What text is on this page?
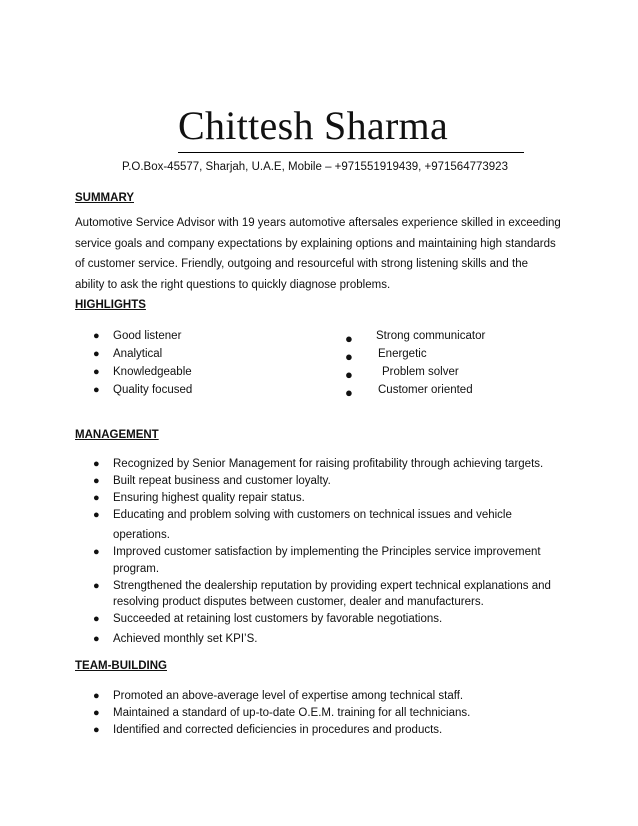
Chittesh Sharma
P.O.Box-45577, Sharjah, U.A.E, Mobile – +971551919439, +971564773923
SUMMARY
Automotive Service Advisor with 19 years automotive aftersales experience skilled in exceeding
service goals and company expectations by explaining options and maintaining high standards
of customer service. Friendly, outgoing and resourceful with strong listening skills and the
ability to ask the right questions to quickly diagnose problems.
HIGHLIGHTS
● Good listener	● Strong communicator
● Analytical	● Energetic
● Knowledgeable	●	Problem solver
● Quality focused	● Customer oriented
MANAGEMENT
● Recognized by Senior Management for raising profitability through achieving targets.
● Built repeat business and customer loyalty.
● Ensuring highest quality repair status.
● Educating and problem solving with customers on technical issues and vehicle
operations.
● Improved customer satisfaction by implementing the Principles service improvement
program.
● Strengthened the dealership reputation by providing expert technical explanations and
resolving product disputes between customer, dealer and manufacturers.
● Succeeded at retaining lost customers by favorable negotiations.
● Achieved monthly set KPI’S.
TEAM-BUILDING
● Promoted an above-average level of expertise among technical staff.
● Maintained a standard of up-to-date O.E.M. training for all technicians.
● Identified and corrected deficiencies in procedures and products.
